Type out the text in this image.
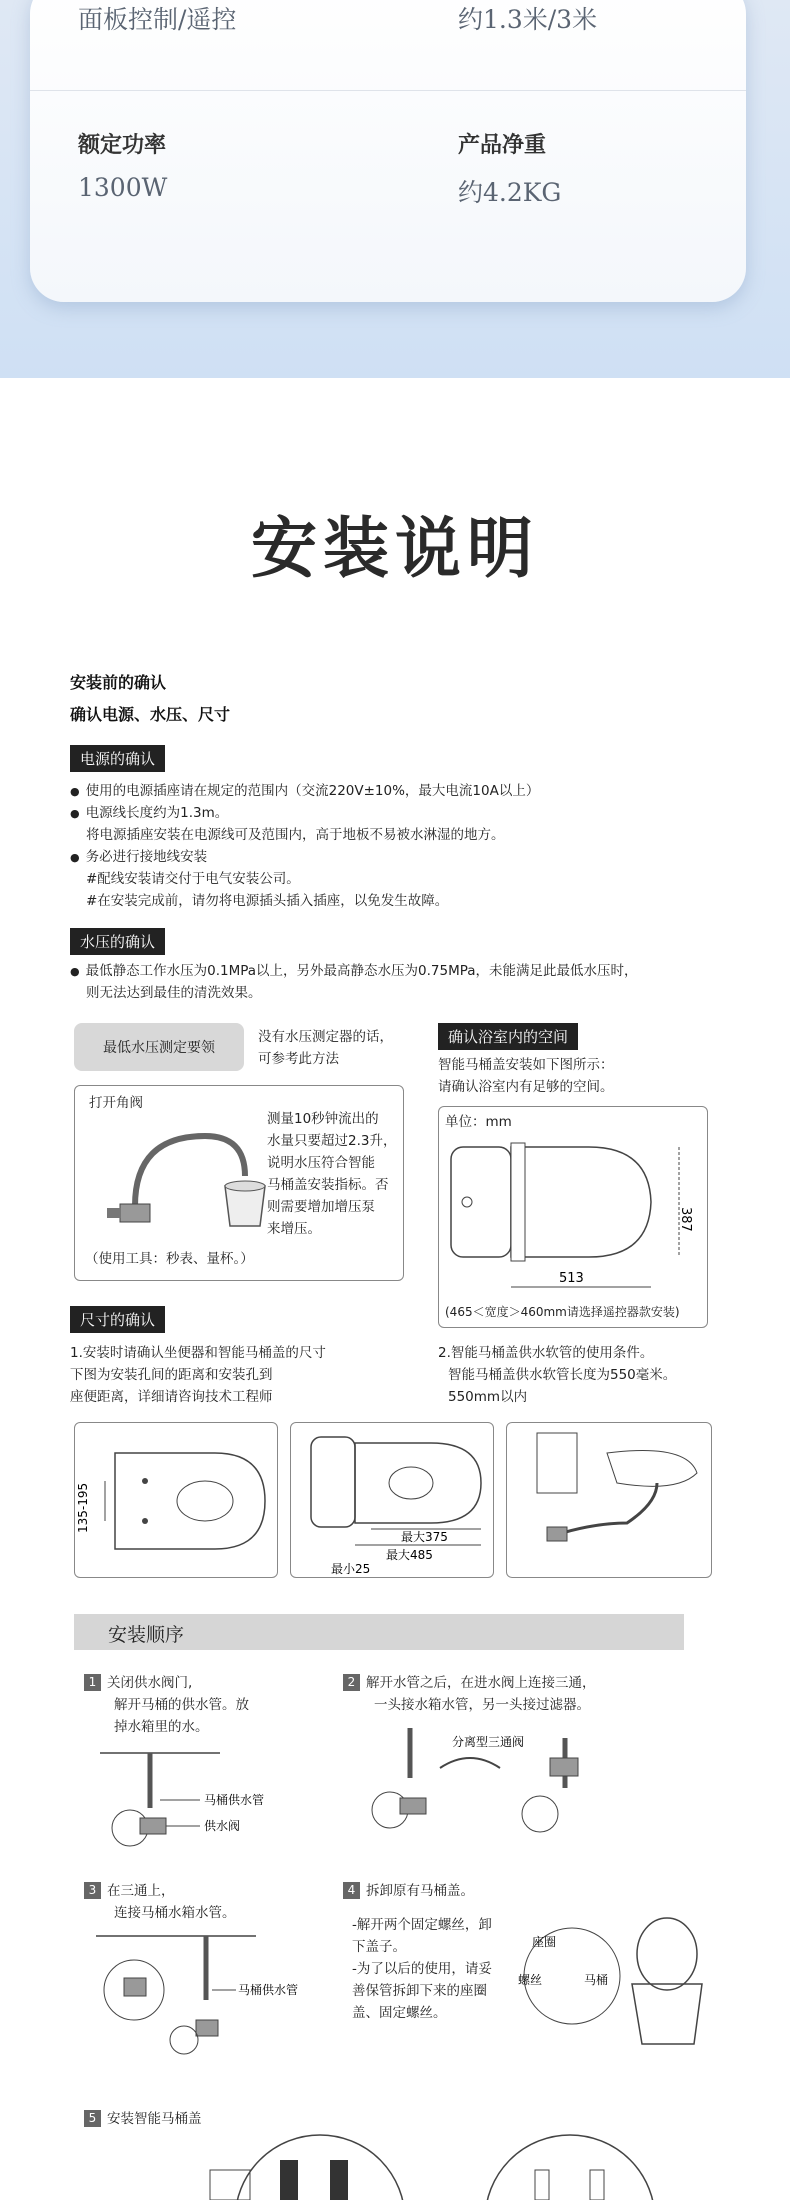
面板控制/遥控	约1.3米/3米
额定功率
1300W
产品净重
约4.2KG
安装说明
安装前的确认
确认电源、水压、尺寸
电源的确认
● 使用的电源插座请在规定的范围内（交流220V±10%，最大电流10A以上）
● 电源线长度约为1.3m。
将电源插座安装在电源线可及范围内，高于地板不易被水淋湿的地方。
● 务必进行接地线安装
#配线安装请交付于电气安装公司。
#在安装完成前，请勿将电源插头插入插座，以免发生故障。
水压的确认
● 最低静态工作水压为0.1MPa以上，另外最高静态水压为0.75MPa，未能满足此最低水压时，
则无法达到最佳的清洗效果。
最低水压测定要领
没有水压测定器的话，
可参考此方法
打开角阀
测量10秒钟流出的
水量只要超过2.3升，
说明水压符合智能
马桶盖安装指标。否
则需要增加增压泵
来增压。
（使用工具：秒表、量杯。）
确认浴室内的空间
智能马桶盖安装如下图所示：
请确认浴室内有足够的空间。
单位：mm
387
513
(465＜宽度＞460mm请选择遥控器款安装)
尺寸的确认
1.安装时请确认坐便器和智能马桶盖的尺寸
下图为安装孔间的距离和安装孔到
座便距离，详细请咨询技术工程师
2.智能马桶盖供水软管的使用条件。
智能马桶盖供水软管长度为550毫米。
550mm以内
135-195
最大375
最大485
最小25
安装顺序
1 关闭供水阀门,
解开马桶的供水管。放
掉水箱里的水。
马桶供水管
供水阀
2 解开水管之后，在进水阀上连接三通，
一头接水箱水管，另一头接过滤器。
分离型三通阀
3 在三通上，
连接马桶水箱水管。
马桶供水管
4 拆卸原有马桶盖。
-解开两个固定螺丝，卸
下盖子。
-为了以后的使用，请妥
善保管拆卸下来的座圈
盖、固定螺丝。
座圈
螺丝	马桶
5 安装智能马桶盖
